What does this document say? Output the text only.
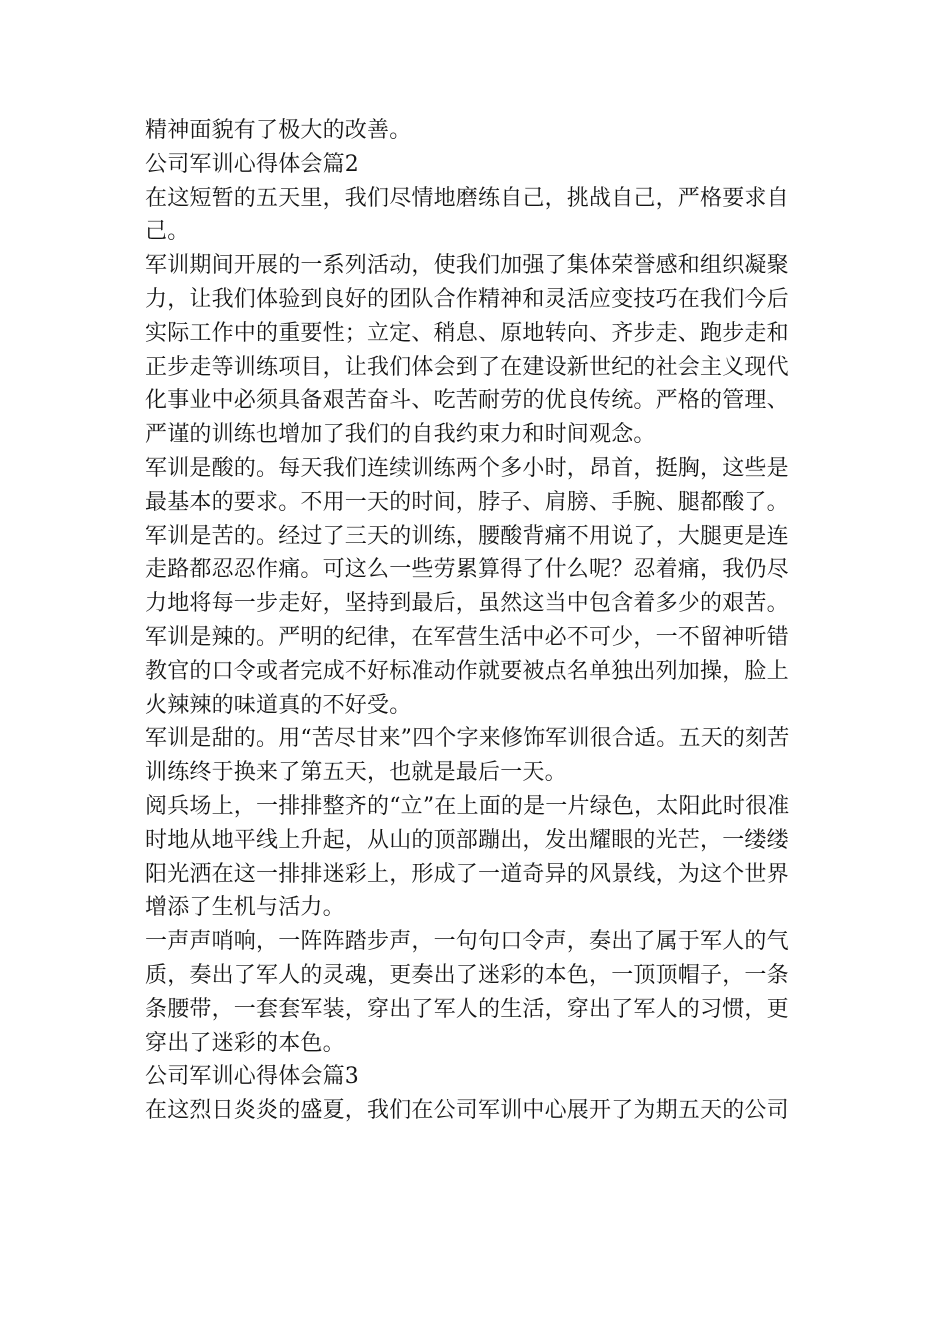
精神面貌有了极大的改善。

公司军训心得体会篇2

在这短暂的五天里，我们尽情地磨练自己，挑战自己，严格要求自己。

军训期间开展的一系列活动，使我们加强了集体荣誉感和组织凝聚力，让我们体验到良好的团队合作精神和灵活应变技巧在我们今后实际工作中的重要性；立定、稍息、原地转向、齐步走、跑步走和正步走等训练项目，让我们体会到了在建设新世纪的社会主义现代化事业中必须具备艰苦奋斗、吃苦耐劳的优良传统。严格的管理、严谨的训练也增加了我们的自我约束力和时间观念。

军训是酸的。每天我们连续训练两个多小时，昂首，挺胸，这些是最基本的要求。不用一天的时间，脖子、肩膀、手腕、腿都酸了。

军训是苦的。经过了三天的训练，腰酸背痛不用说了，大腿更是连走路都忍忍作痛。可这么一些劳累算得了什么呢？忍着痛，我仍尽力地将每一步走好，坚持到最后，虽然这当中包含着多少的艰苦。

军训是辣的。严明的纪律，在军营生活中必不可少，一不留神听错教官的口令或者完成不好标准动作就要被点名单独出列加操，脸上火辣辣的味道真的不好受。

军训是甜的。用“苦尽甘来”四个字来修饰军训很合适。五天的刻苦训练终于换来了第五天，也就是最后一天。

阅兵场上，一排排整齐的“立”在上面的是一片绿色，太阳此时很准时地从地平线上升起，从山的顶部蹦出，发出耀眼的光芒，一缕缕阳光洒在这一排排迷彩上，形成了一道奇异的风景线，为这个世界增添了生机与活力。

一声声哨响，一阵阵踏步声，一句句口令声，奏出了属于军人的气质，奏出了军人的灵魂，更奏出了迷彩的本色，一顶顶帽子，一条条腰带，一套套军装，穿出了军人的生活，穿出了军人的习惯，更穿出了迷彩的本色。

公司军训心得体会篇3

在这烈日炎炎的盛夏，我们在公司军训中心展开了为期五天的公司
